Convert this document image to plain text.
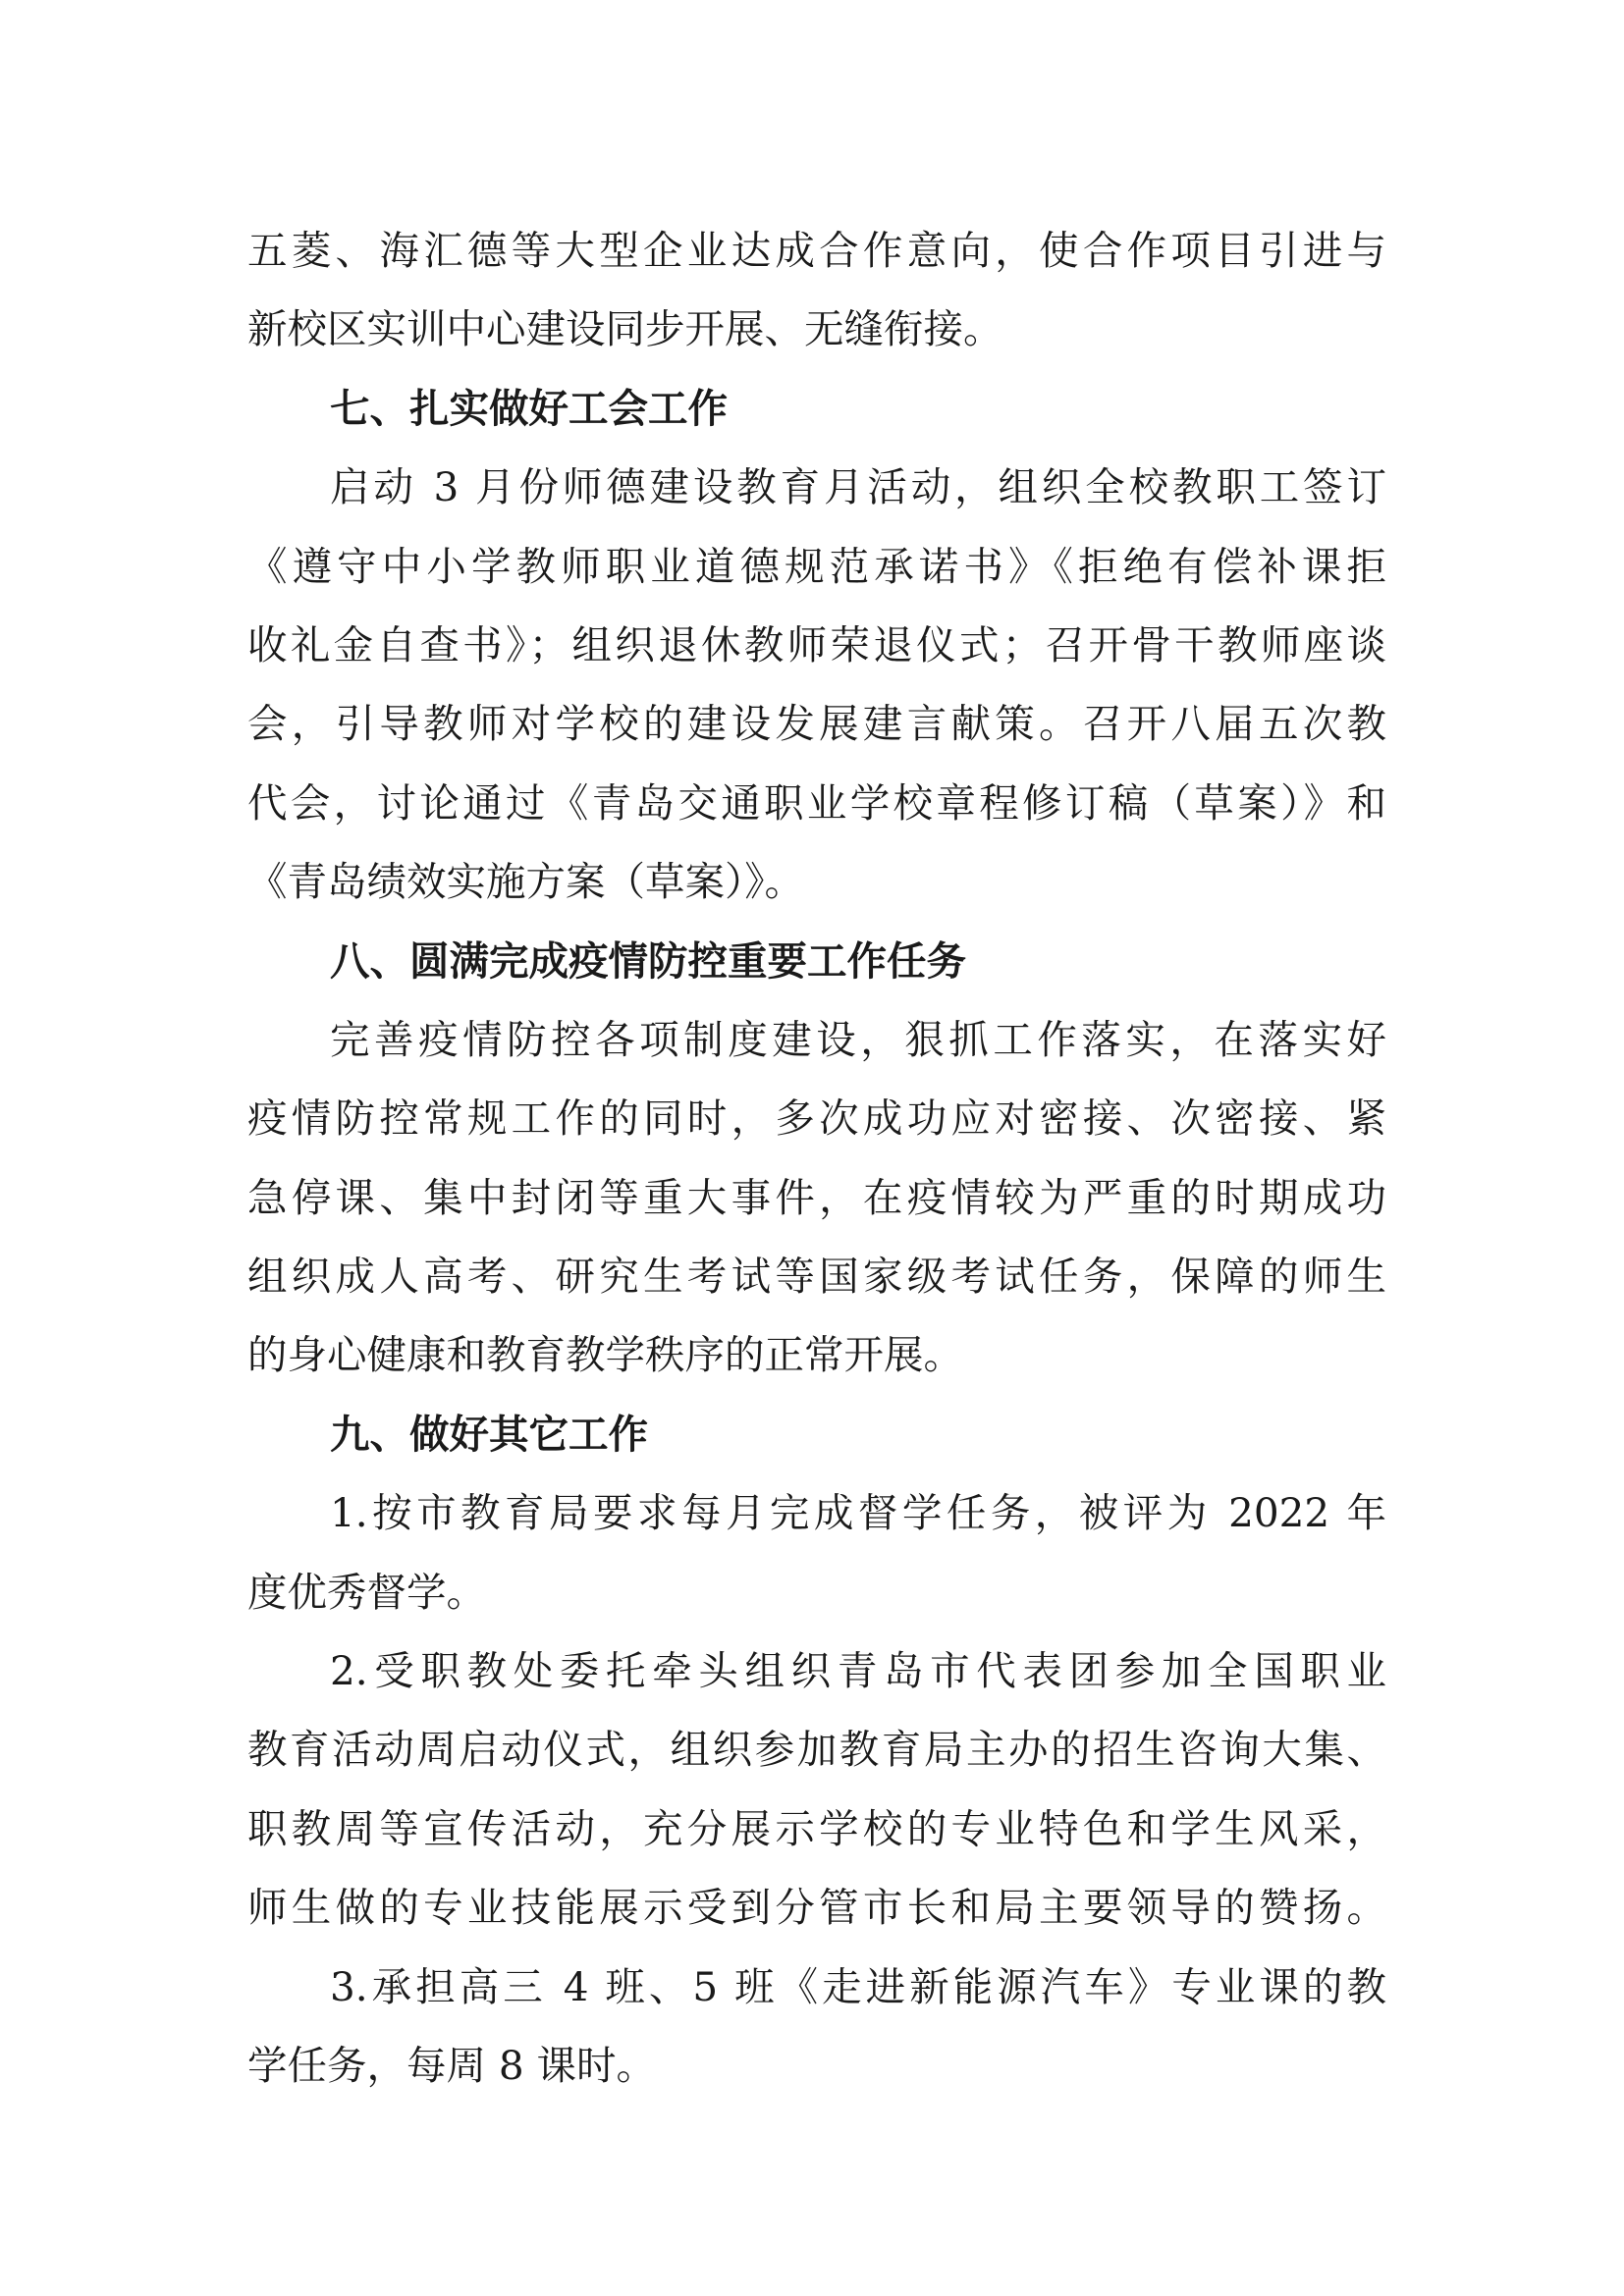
五菱、海汇德等大型企业达成合作意向，使合作项目引进与
新校区实训中心建设同步开展、无缝衔接。
七、扎实做好工会工作
启动 3 月份师德建设教育月活动，组织全校教职工签订
《遵守中小学教师职业道德规范承诺书》《拒绝有偿补课拒
收礼金自查书》；组织退休教师荣退仪式；召开骨干教师座谈
会，引导教师对学校的建设发展建言献策。召开八届五次教
代会，讨论通过《青岛交通职业学校章程修订稿（草案）》和
《青岛绩效实施方案（草案）》。
八、圆满完成疫情防控重要工作任务
完善疫情防控各项制度建设，狠抓工作落实，在落实好
疫情防控常规工作的同时，多次成功应对密接、次密接、紧
急停课、集中封闭等重大事件，在疫情较为严重的时期成功
组织成人高考、研究生考试等国家级考试任务，保障的师生
的身心健康和教育教学秩序的正常开展。
九、做好其它工作
1.按市教育局要求每月完成督学任务，被评为 2022 年
度优秀督学。
2.受职教处委托牵头组织青岛市代表团参加全国职业
教育活动周启动仪式，组织参加教育局主办的招生咨询大集、
职教周等宣传活动，充分展示学校的专业特色和学生风采，
师生做的专业技能展示受到分管市长和局主要领导的赞扬。
3.承担高三 4 班、5 班《走进新能源汽车》专业课的教
学任务，每周 8 课时。
